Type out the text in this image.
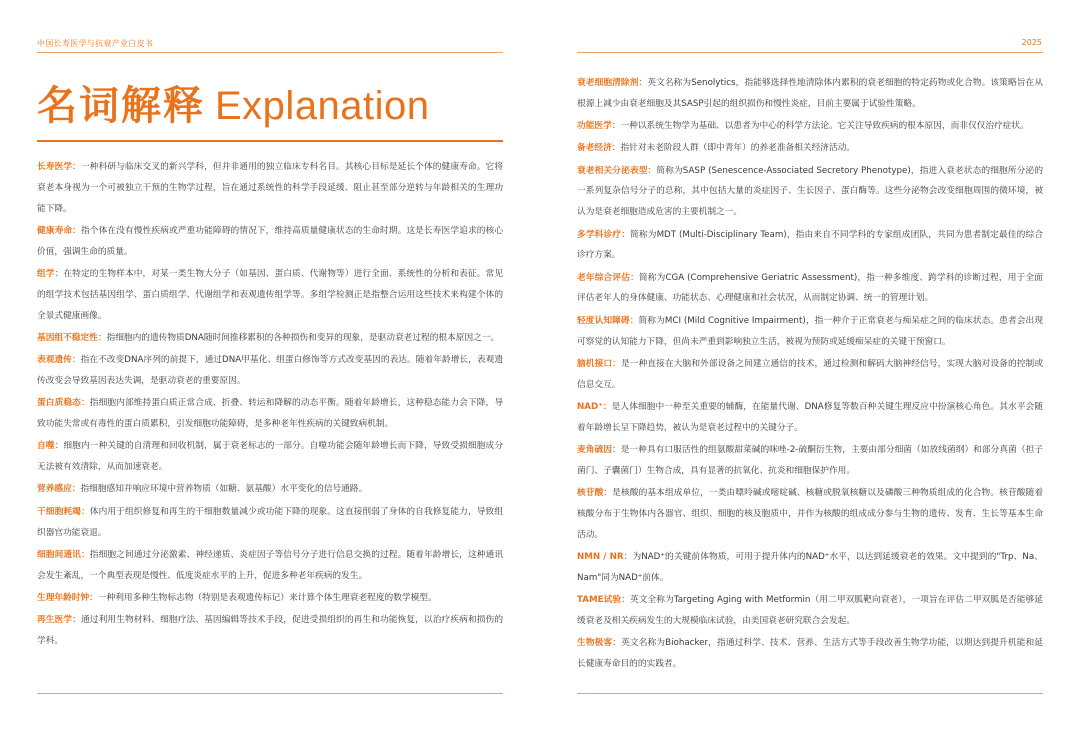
中国长寿医学与抗衰产业白皮书	2025
名词解释 Explanation
长寿医学：一种科研与临床交叉的新兴学科，但并非通用的独立临床专科名目。其核心目标是延长个体的健康寿命。它将衰老本身视为一个可被独立干预的生物学过程，旨在通过系统性的科学手段延缓、阻止甚至部分逆转与年龄相关的生理功能下降。
健康寿命：指个体在没有慢性疾病或严重功能障碍的情况下，维持高质量健康状态的生命时期。这是长寿医学追求的核心价值，强调生命的质量。
组学：在特定的生物样本中，对某一类生物大分子（如基因、蛋白质、代谢物等）进行全面、系统性的分析和表征。常见的组学技术包括基因组学、蛋白质组学、代谢组学和表观遗传组学等。多组学检测正是指整合运用这些技术来构建个体的全景式健康画像。
基因组不稳定性：指细胞内的遗传物质DNA随时间推移累积的各种损伤和变异的现象，是驱动衰老过程的根本原因之一。
表观遗传：指在不改变DNA序列的前提下，通过DNA甲基化、组蛋白修饰等方式改变基因的表达。随着年龄增长，表观遗传改变会导致基因表达失调，是驱动衰老的重要原因。
蛋白质稳态：指细胞内部维持蛋白质正常合成、折叠、转运和降解的动态平衡。随着年龄增长，这种稳态能力会下降，导致功能失常或有毒性的蛋白质累积，引发细胞功能障碍，是多种老年性疾病的关键致病机制。
自噬：细胞内一种关键的自清理和回收机制，属于衰老标志的一部分。自噬功能会随年龄增长而下降，导致受损细胞成分无法被有效清除，从而加速衰老。
营养感应：指细胞感知并响应环境中营养物质（如糖、氨基酸）水平变化的信号通路。
干细胞耗竭：体内用于组织修复和再生的干细胞数量减少或功能下降的现象。这直接削弱了身体的自我修复能力，导致组织器官功能衰退。
细胞间通讯：指细胞之间通过分泌激素、神经递质、炎症因子等信号分子进行信息交换的过程。随着年龄增长，这种通讯会发生紊乱，一个典型表现是慢性、低度炎症水平的上升，促进多种老年疾病的发生。
生理年龄时钟：一种利用多种生物标志物（特别是表观遗传标记）来计算个体生理衰老程度的数学模型。
再生医学：通过利用生物材料、细胞疗法、基因编辑等技术手段，促进受损组织的再生和功能恢复，以治疗疾病和损伤的学科。
衰老细胞清除剂：英文名称为Senolytics，指能够选择性地清除体内累积的衰老细胞的特定药物或化合物。该策略旨在从根源上减少由衰老细胞及其SASP引起的组织损伤和慢性炎症，目前主要属于试验性策略。
功能医学：一种以系统生物学为基础、以患者为中心的科学方法论。它关注导致疾病的根本原因，而非仅仅治疗症状。
备老经济：指针对未老阶段人群（即中青年）的养老准备相关经济活动。
衰老相关分泌表型：简称为SASP (Senescence-Associated Secretory Phenotype)，指进入衰老状态的细胞所分泌的一系列复杂信号分子的总称，其中包括大量的炎症因子、生长因子、蛋白酶等。这些分泌物会改变细胞周围的微环境，被认为是衰老细胞造成危害的主要机制之一。
多学科诊疗：简称为MDT (Multi-Disciplinary Team)，指由来自不同学科的专家组成团队，共同为患者制定最佳的综合诊疗方案。
老年综合评估：简称为CGA (Comprehensive Geriatric Assessment)，指一种多维度、跨学科的诊断过程，用于全面评估老年人的身体健康、功能状态、心理健康和社会状况，从而制定协调、统一的管理计划。
轻度认知障碍：简称为MCI (Mild Cognitive Impairment)，指一种介于正常衰老与痴呆症之间的临床状态。患者会出现可察觉的认知能力下降，但尚未严重到影响独立生活，被视为预防或延缓痴呆症的关键干预窗口。
脑机接口：是一种直接在大脑和外部设备之间建立通信的技术，通过检测和解码大脑神经信号，实现大脑对设备的控制或信息交互。
NAD⁺：是人体细胞中一种至关重要的辅酶，在能量代谢、DNA修复等数百种关键生理反应中扮演核心角色。其水平会随着年龄增长呈下降趋势，被认为是衰老过程中的关键分子。
麦角硫因：是一种具有口服活性的组氨酸甜菜碱的咪唑-2-硫酮衍生物，主要由部分细菌（如放线菌纲）和部分真菌（担子菌门、子囊菌门）生物合成，具有显著的抗氧化、抗炎和细胞保护作用。
核苷酸：是核酸的基本组成单位，一类由嘌呤碱或嘧啶碱、核糖或脱氧核糖以及磷酸三种物质组成的化合物。核苷酸随着核酸分布于生物体内各器官、组织、细胞的核及胞质中，并作为核酸的组成成分参与生物的遗传、发育、生长等基本生命活动。
NMN / NR：为NAD⁺的关键前体物质，可用于提升体内的NAD⁺水平，以达到延缓衰老的效果。文中提到的"Trp、Na、Nam"同为NAD⁺前体。
TAME试验：英文全称为Targeting Aging with Metformin（用二甲双胍靶向衰老），一项旨在评估二甲双胍是否能够延缓衰老及相关疾病发生的大规模临床试验，由美国衰老研究联合会发起。
生物极客：英文名称为Biohacker，指通过科学、技术、营养、生活方式等手段改善生物学功能，以期达到提升机能和延长健康寿命目的的实践者。
